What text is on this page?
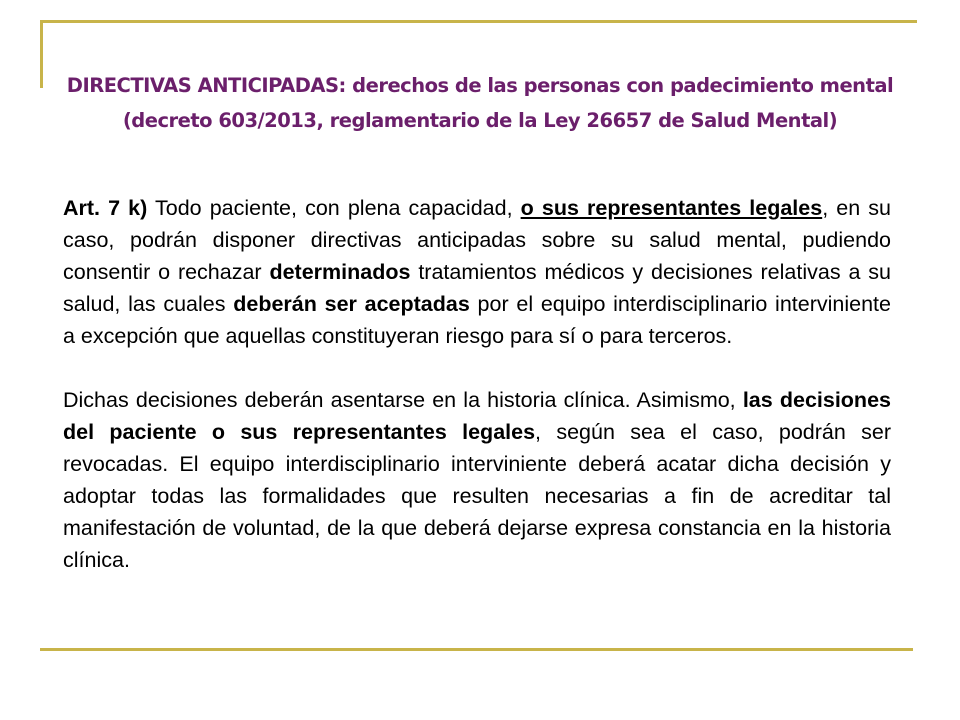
DIRECTIVAS ANTICIPADAS: derechos de las personas con padecimiento mental (decreto 603/2013, reglamentario de la Ley 26657 de Salud Mental)

Art. 7 k) Todo paciente, con plena capacidad, o sus representantes legales, en su caso, podrán disponer directivas anticipadas sobre su salud mental, pudiendo consentir o rechazar determinados tratamientos médicos y decisiones relativas a su salud, las cuales deberán ser aceptadas por el equipo interdisciplinario interviniente a excepción que aquellas constituyeran riesgo para sí o para terceros.

Dichas decisiones deberán asentarse en la historia clínica. Asimismo, las decisiones del paciente o sus representantes legales, según sea el caso, podrán ser revocadas. El equipo interdisciplinario interviniente deberá acatar dicha decisión y adoptar todas las formalidades que resulten necesarias a fin de acreditar tal manifestación de voluntad, de la que deberá dejarse expresa constancia en la historia clínica.
